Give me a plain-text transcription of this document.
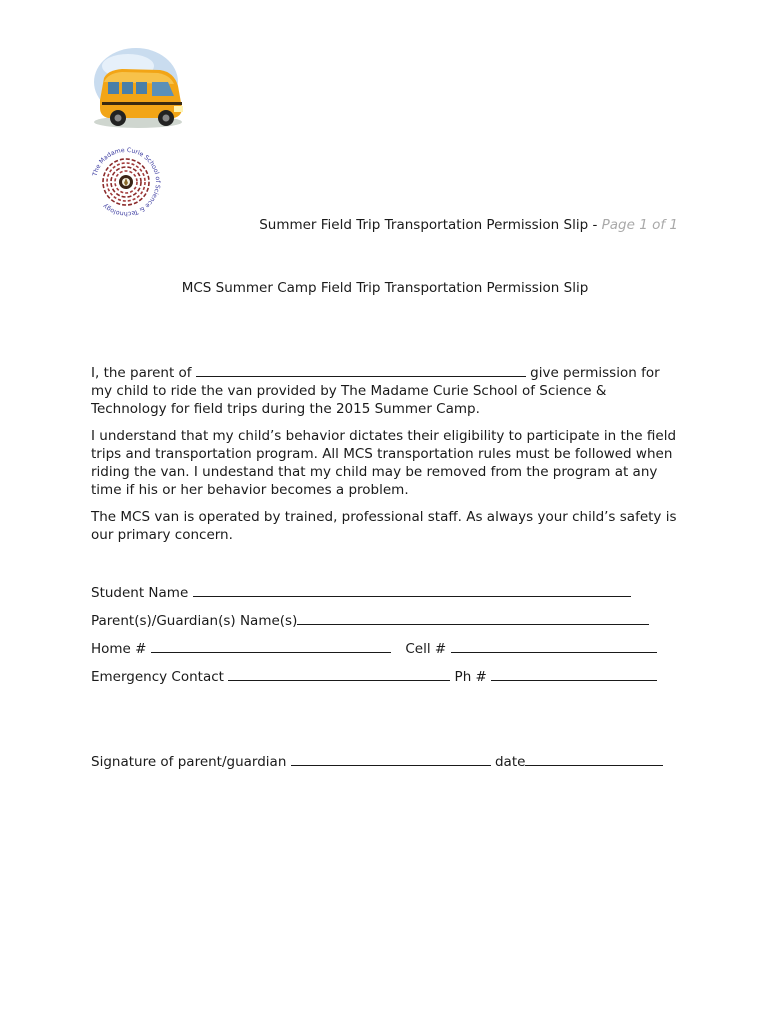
The Madame Curie School of Science & Technology
Summer Field Trip Transportation Permission Slip - Page 1 of 1
MCS Summer Camp Field Trip Transportation Permission Slip

I, the parent of	give permission for my child to ride the van provided by The Madame Curie School of Science & Technology for field trips during the 2015 Summer Camp.

I understand that my child’s behavior dictates their eligibility to participate in the field trips and transportation program. All MCS transportation rules must be followed when riding the van. I undestand that my child may be removed from the program at any time if his or her behavior becomes a problem.

The MCS van is operated by trained, professional staff. As always your child’s safety is our primary concern.

Student Name
Parent(s)/Guardian(s) Name(s)
Home #	Cell #
Emergency Contact	Ph #
Signature of parent/guardian	date
